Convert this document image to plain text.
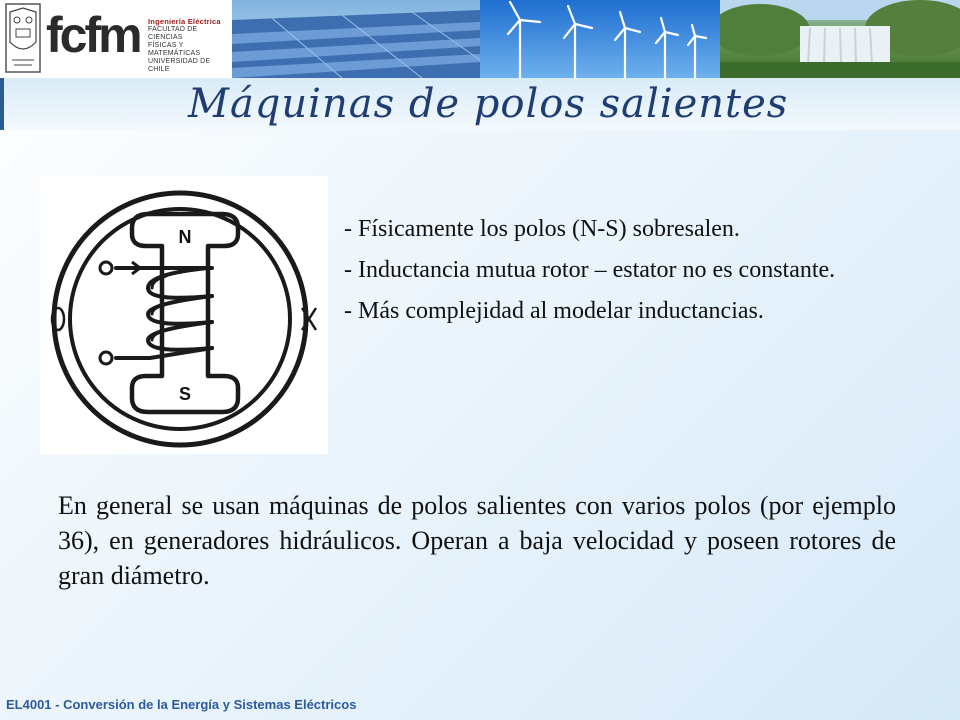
fcfm Ingeniería Eléctrica
FACULTAD DE CIENCIAS
FÍSICAS Y MATEMÁTICAS
UNIVERSIDAD DE CHILE
Máquinas de polos salientes
N
S
- Físicamente los polos (N-S) sobresalen.
- Inductancia mutua rotor – estator no es constante.
- Más complejidad al modelar inductancias.

En general se usan máquinas de polos salientes con varios polos (por ejemplo 36), en generadores hidráulicos. Operan a baja velocidad y poseen rotores de gran diámetro.

EL4001 - Conversión de la Energía y Sistemas Eléctricos
